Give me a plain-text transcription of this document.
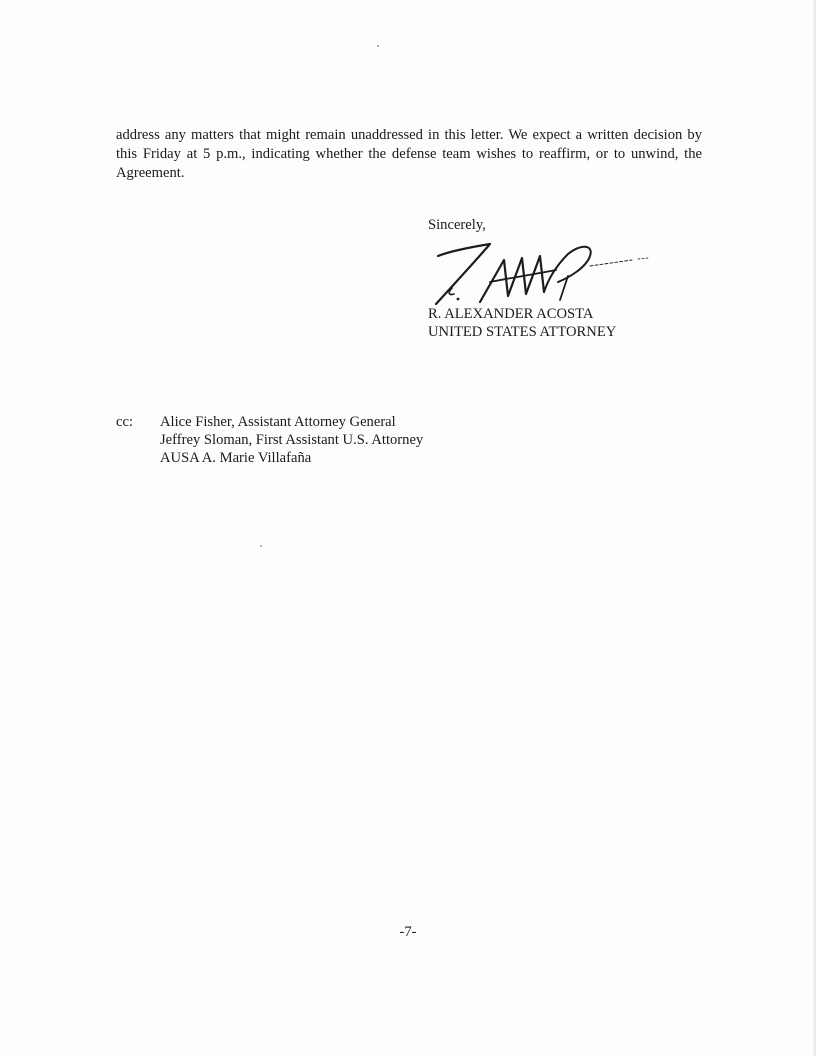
address any matters that might remain unaddressed in this letter. We expect a written decision by
this Friday at 5 p.m., indicating whether the defense team wishes to reaffirm, or to unwind, the
Agreement.

Sincerely,
R. ALEXANDER ACOSTA
UNITED STATES ATTORNEY
cc: Alice Fisher, Assistant Attorney General
Jeffrey Sloman, First Assistant U.S. Attorney
AUSA A. Marie Villafaña
-7-
